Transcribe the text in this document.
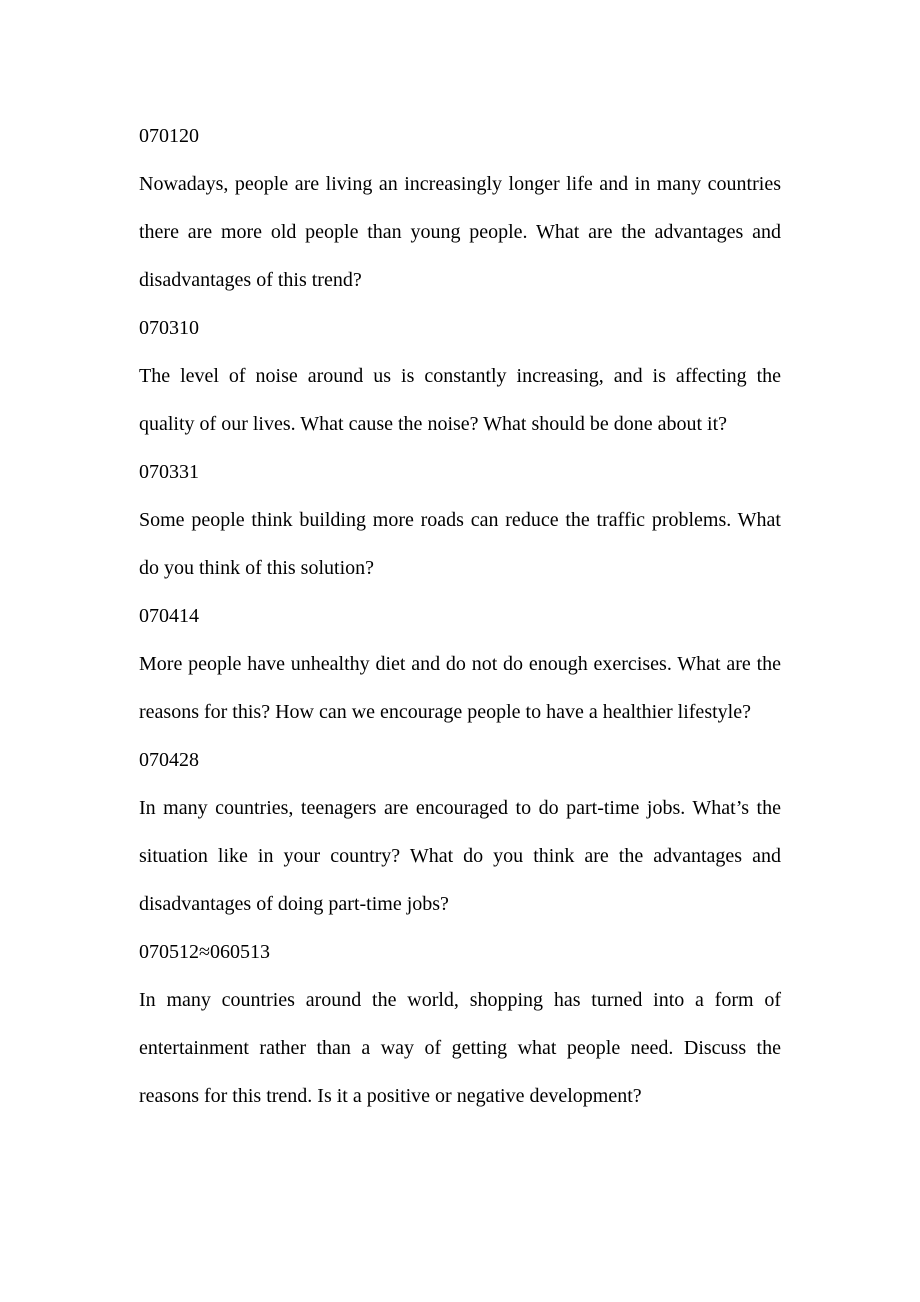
070120

Nowadays, people are living an increasingly longer life and in many countries there are more old people than young people. What are the advantages and disadvantages of this trend?

070310

The level of noise around us is constantly increasing, and is affecting the quality of our lives. What cause the noise? What should be done about it?

070331

Some people think building more roads can reduce the traffic problems. What do you think of this solution?

070414

More people have unhealthy diet and do not do enough exercises. What are the reasons for this? How can we encourage people to have a healthier lifestyle?

070428

In many countries, teenagers are encouraged to do part-time jobs. What’s the situation like in your country? What do you think are the advantages and disadvantages of doing part-time jobs?

070512≈060513

In many countries around the world, shopping has turned into a form of entertainment rather than a way of getting what people need. Discuss the reasons for this trend. Is it a positive or negative development?
